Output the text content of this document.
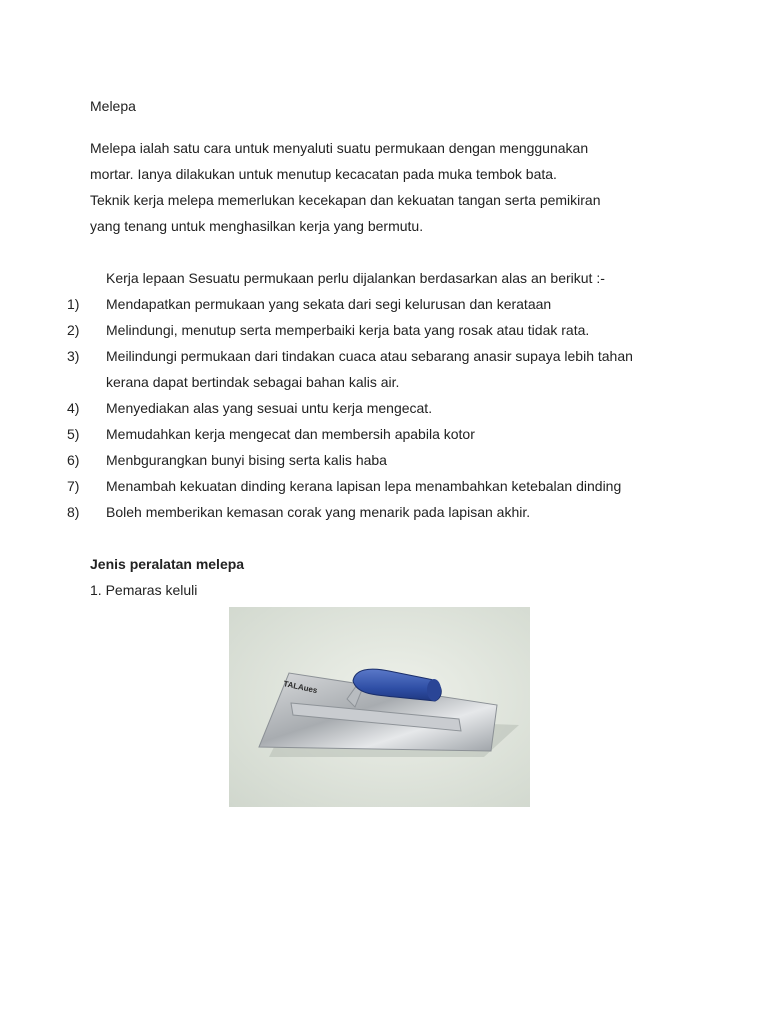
Melepa
Melepa ialah satu cara untuk menyaluti suatu permukaan dengan menggunakan
mortar. Ianya dilakukan untuk menutup kecacatan pada muka tembok bata.
Teknik kerja melepa memerlukan kecekapan dan kekuatan tangan serta pemikiran
yang tenang untuk menghasilkan kerja yang bermutu.
Kerja lepaan Sesuatu permukaan perlu dijalankan berdasarkan alas an berikut :-
1)	Mendapatkan permukaan yang sekata dari segi kelurusan dan kerataan
2)	Melindungi, menutup serta memperbaiki kerja bata yang rosak atau tidak rata.
3)	Meilindungi permukaan dari tindakan cuaca atau sebarang anasir supaya lebih tahan
kerana dapat bertindak sebagai bahan kalis air.
4)	Menyediakan alas yang sesuai untu kerja mengecat.
5)	Memudahkan kerja mengecat dan membersih apabila kotor
6)	Menbgurangkan bunyi bising serta kalis haba
7)	Menambah kekuatan dinding kerana lapisan lepa menambahkan ketebalan dinding
8)	Boleh memberikan kemasan corak yang menarik pada lapisan akhir.
Jenis peralatan melepa
1. Pemaras keluli
TALAues
